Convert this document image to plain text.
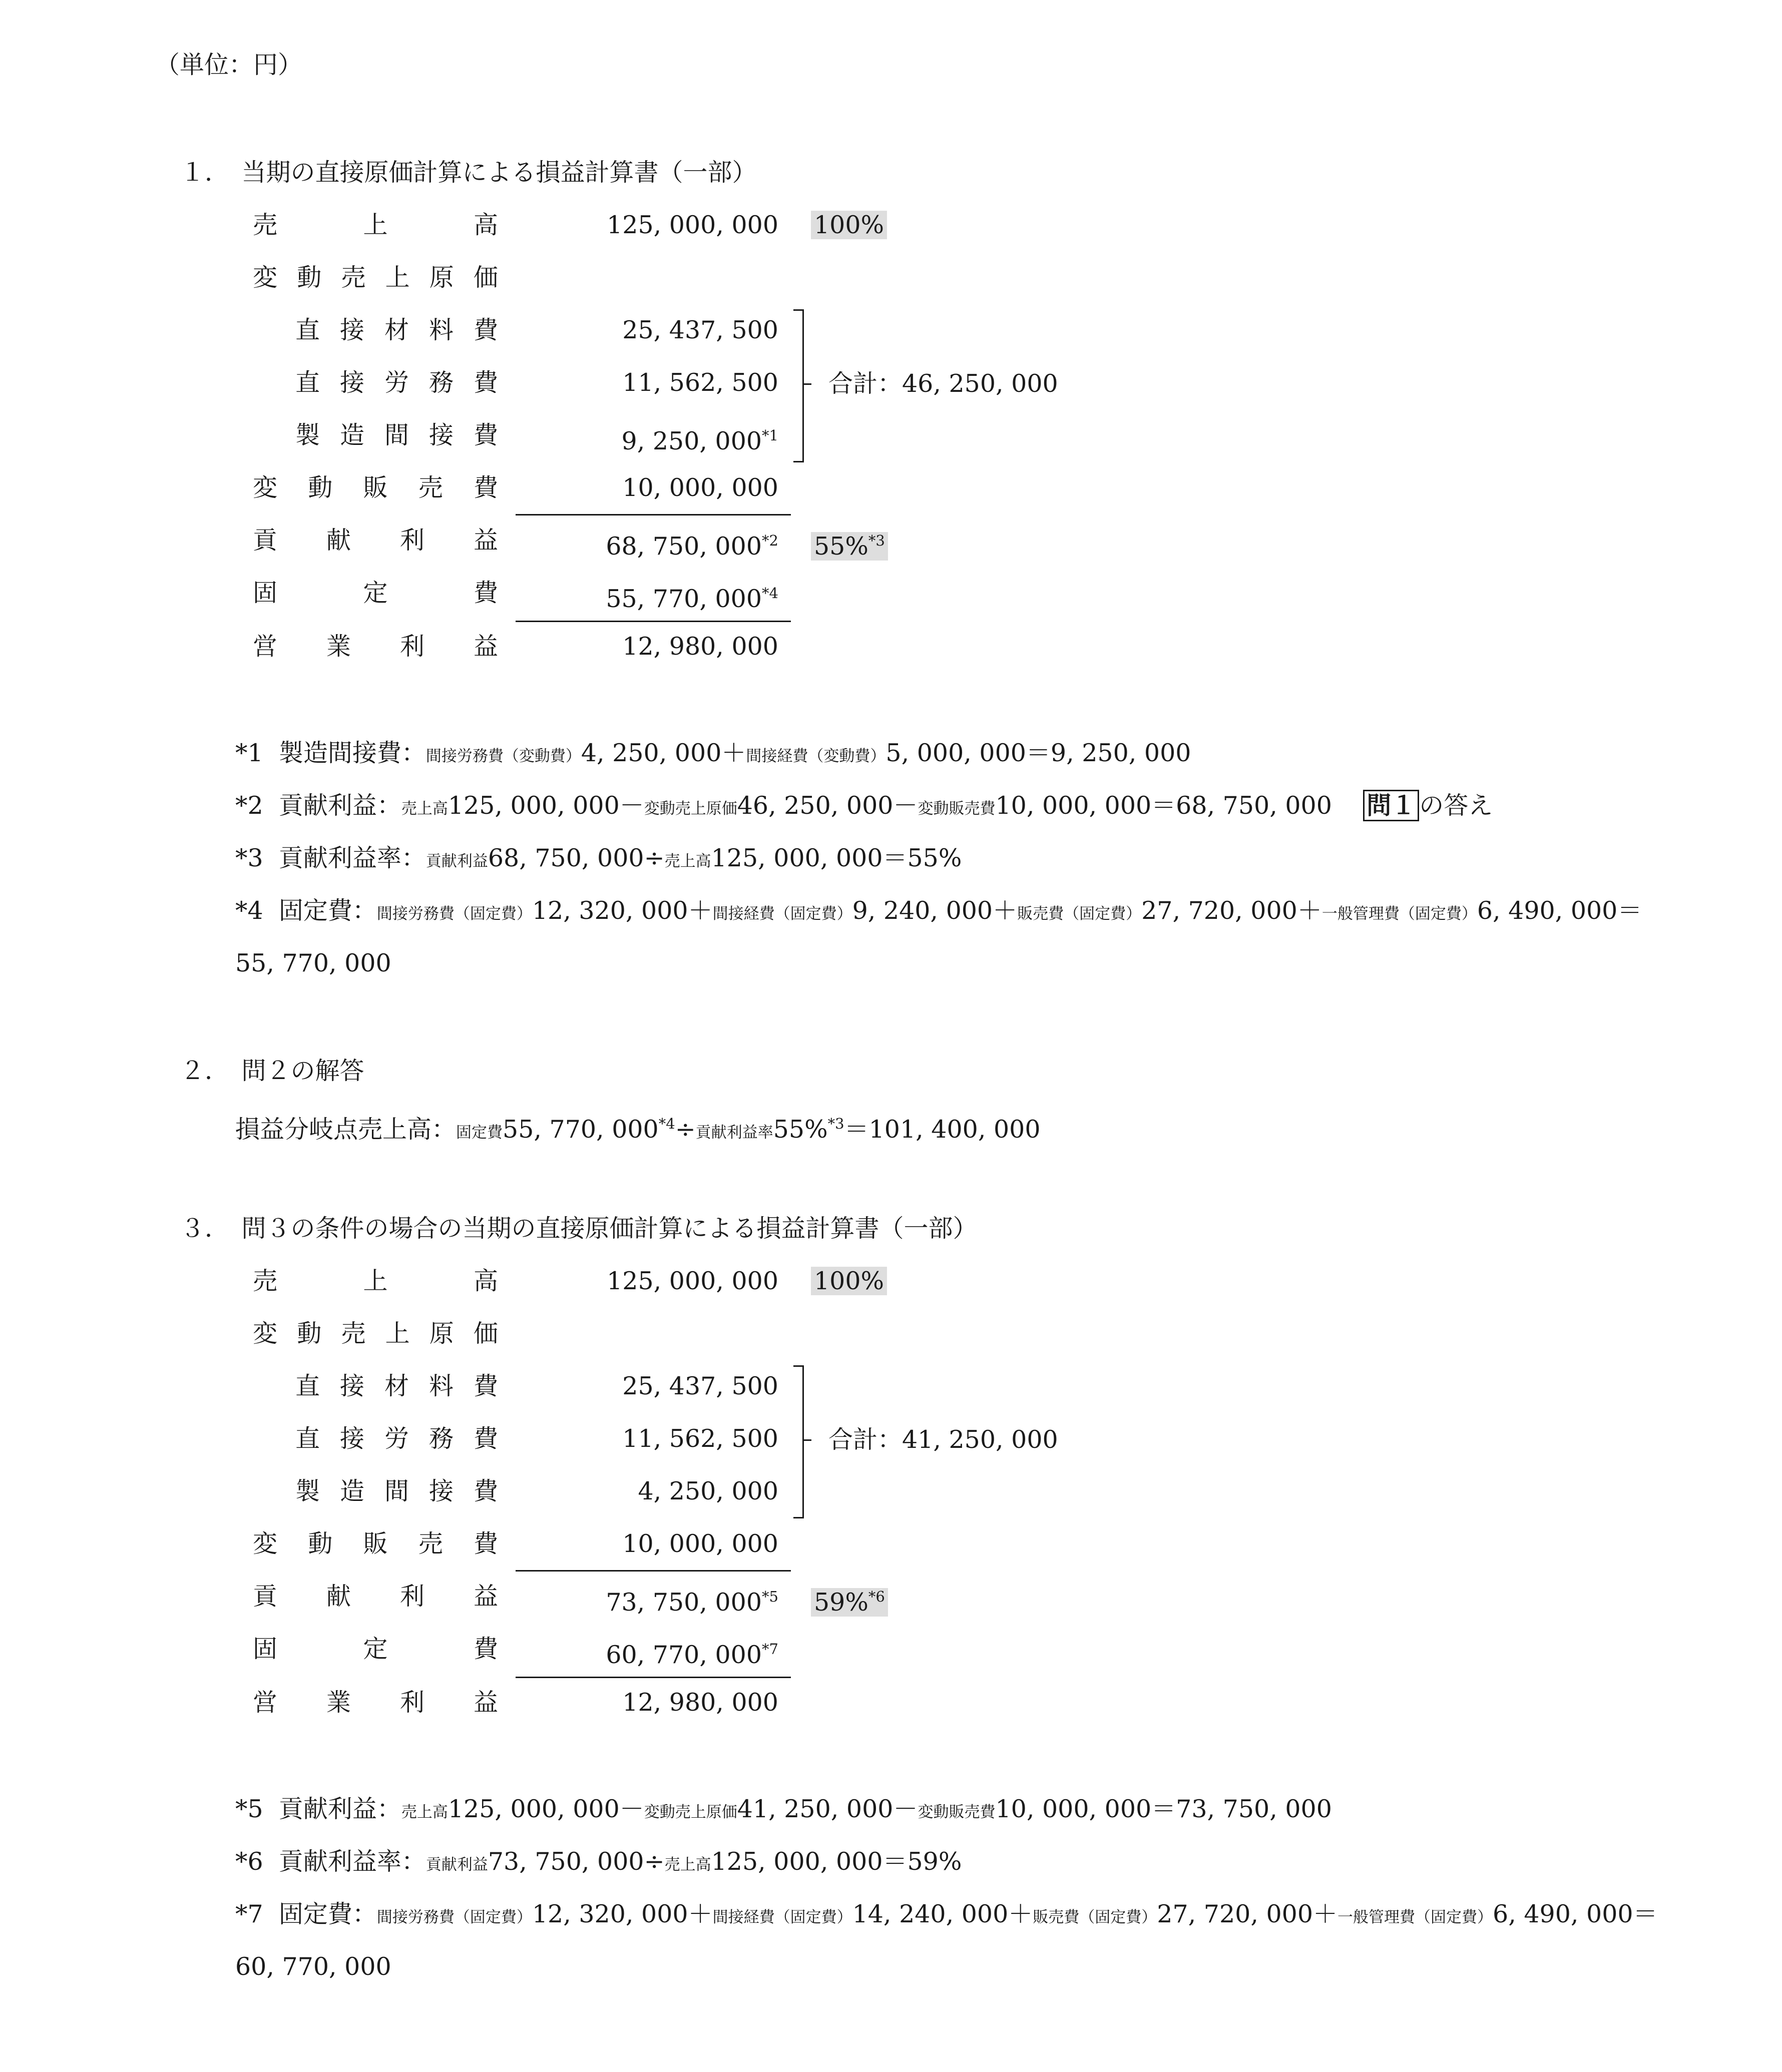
（単位：円）
１．　当期の直接原価計算による損益計算書（一部）
売	上	高	125, 000, 000 100%
変 動 売 上 原 価
直 接 材 料 費	25, 437, 500
直 接 労 務 費	11, 562, 500
製 造 間 接 費	9, 250, 000$^{*1}$
合計：46, 250, 000
変 動 販 売 費	10, 000, 000
貢 献 利 益	68, 750, 000$^{*2}$ 55%$^{*3}$
固	定	費	55, 770, 000$^{*4}$
営 業 利 益	12, 980, 000
*1 製造間接費：間接労務費（変動費）4, 250, 000＋間接経費（変動費）5, 000, 000＝9, 250, 000
*2 貢献利益：売上高125, 000, 000－変動売上原価46, 250, 000－変動販売費10, 000, 000＝68, 750, 000 問１ の答え
*3 貢献利益率：貢献利益68, 750, 000÷売上高125, 000, 000＝55%
*4 固定費：間接労務費（固定費）12, 320, 000＋間接経費（固定費）9, 240, 000＋販売費（固定費）27, 720, 000＋一般管理費（固定費）6, 490, 000＝
55, 770, 000
２．　問２の解答
損益分岐点売上高：固定費55, 770, $000^{*4}\div$貢献利益率55%$^{*3}$＝101, 400, 000
３．　問３の条件の場合の当期の直接原価計算による損益計算書（一部）
売	上	高	125, 000, 000 100%
変 動 売 上 原 価
直 接 材 料 費	25, 437, 500
直 接 労 務 費	11, 562, 500
製 造 間 接 費	4, 250, 000
合計：41, 250, 000
変 動 販 売 費	10, 000, 000
貢 献 利 益	73, 750, 000$^{*5}$ 59%$^{*6}$
固	定	費	60, 770, 000$^{*7}$
営 業 利 益	12, 980, 000
*5 貢献利益：売上高125, 000, 000－変動売上原価41, 250, 000－変動販売費10, 000, 000＝73, 750, 000
*6 貢献利益率：貢献利益73, 750, 000÷売上高125, 000, 000＝59%
*7 固定費：間接労務費（固定費）12, 320, 000＋間接経費（固定費）14, 240, 000＋販売費（固定費）27, 720, 000＋一般管理費（固定費）6, 490, 000＝
60, 770, 000
